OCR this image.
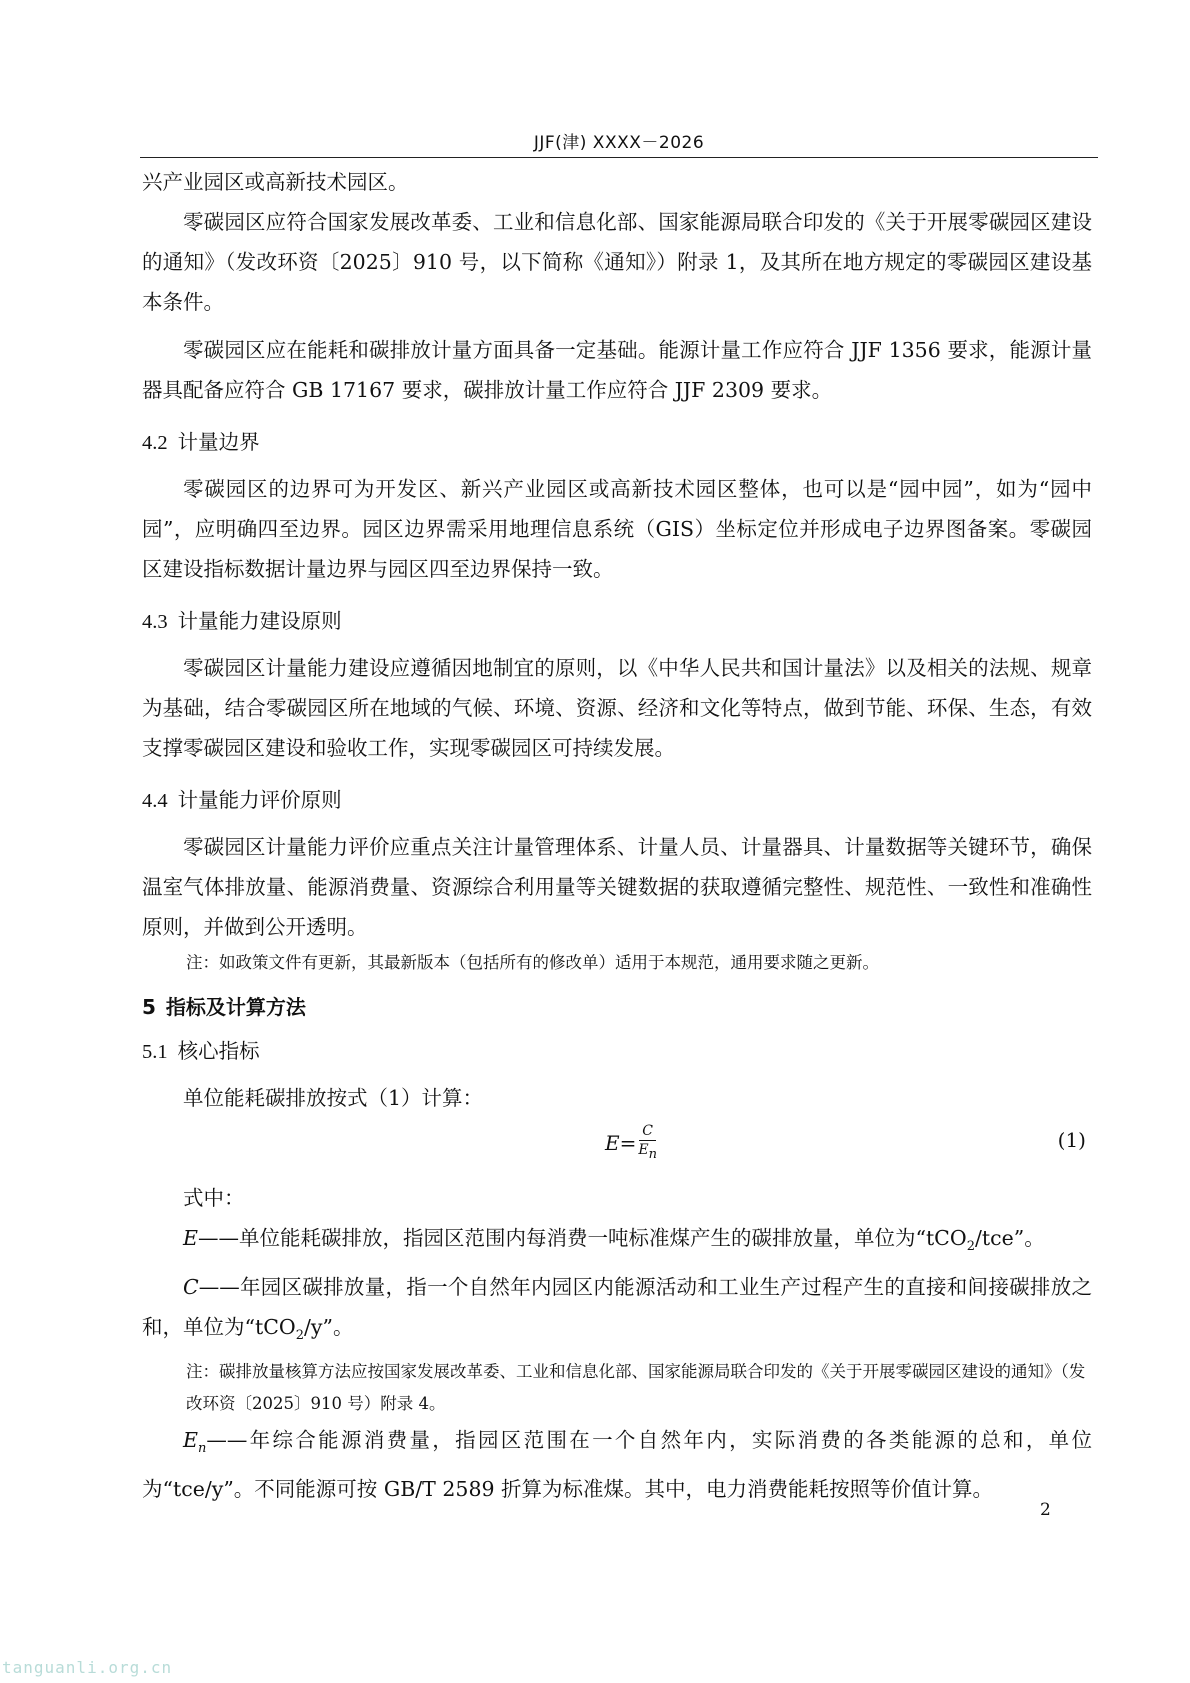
JJF(津) XXXX－2026

兴产业园区或高新技术园区。

零碳园区应符合国家发展改革委、工业和信息化部、国家能源局联合印发的《关于开展零碳园区建设的通知》（发改环资〔2025〕910 号，以下简称《通知》）附录 1，及其所在地方规定的零碳园区建设基本条件。

零碳园区应在能耗和碳排放计量方面具备一定基础。能源计量工作应符合 JJF 1356 要求，能源计量器具配备应符合 GB 17167 要求，碳排放计量工作应符合 JJF 2309 要求。

4.2 计量边界

零碳园区的边界可为开发区、新兴产业园区或高新技术园区整体，也可以是“园中园”，如为“园中园”，应明确四至边界。园区边界需采用地理信息系统（GIS）坐标定位并形成电子边界图备案。零碳园区建设指标数据计量边界与园区四至边界保持一致。

4.3 计量能力建设原则

零碳园区计量能力建设应遵循因地制宜的原则，以《中华人民共和国计量法》以及相关的法规、规章为基础，结合零碳园区所在地域的气候、环境、资源、经济和文化等特点，做到节能、环保、生态，有效支撑零碳园区建设和验收工作，实现零碳园区可持续发展。

4.4 计量能力评价原则

零碳园区计量能力评价应重点关注计量管理体系、计量人员、计量器具、计量数据等关键环节，确保温室气体排放量、能源消费量、资源综合利用量等关键数据的获取遵循完整性、规范性、一致性和准确性原则，并做到公开透明。

注：如政策文件有更新，其最新版本（包括所有的修改单）适用于本规范，通用要求随之更新。
5 指标及计算方法
5.1 核心指标

单位能耗碳排放按式（1）计算：

$E= \frac{C}{E_n}$	(1)

式中：

E——单位能耗碳排放，指园区范围内每消费一吨标准煤产生的碳排放量，单位为“tCO$_2$/tce”。

C——年园区碳排放量，指一个自然年内园区内能源活动和工业生产过程产生的直接和间接碳排放之和，单位为“tCO$_2$/y”。

注：碳排放量核算方法应按国家发展改革委、工业和信息化部、国家能源局联合印发的《关于开展零碳园区建设的通知》（发改环资〔2025〕910 号）附录 4。

$E_n——$年综合能源消费量，指园区范围在一个自然年内，实际消费的各类能源的总和，单位为“tce/y”。不同能源可按 GB/T 2589 折算为标准煤。其中，电力消费能耗按照等价值计算。

2
tanguanli.org.cn
